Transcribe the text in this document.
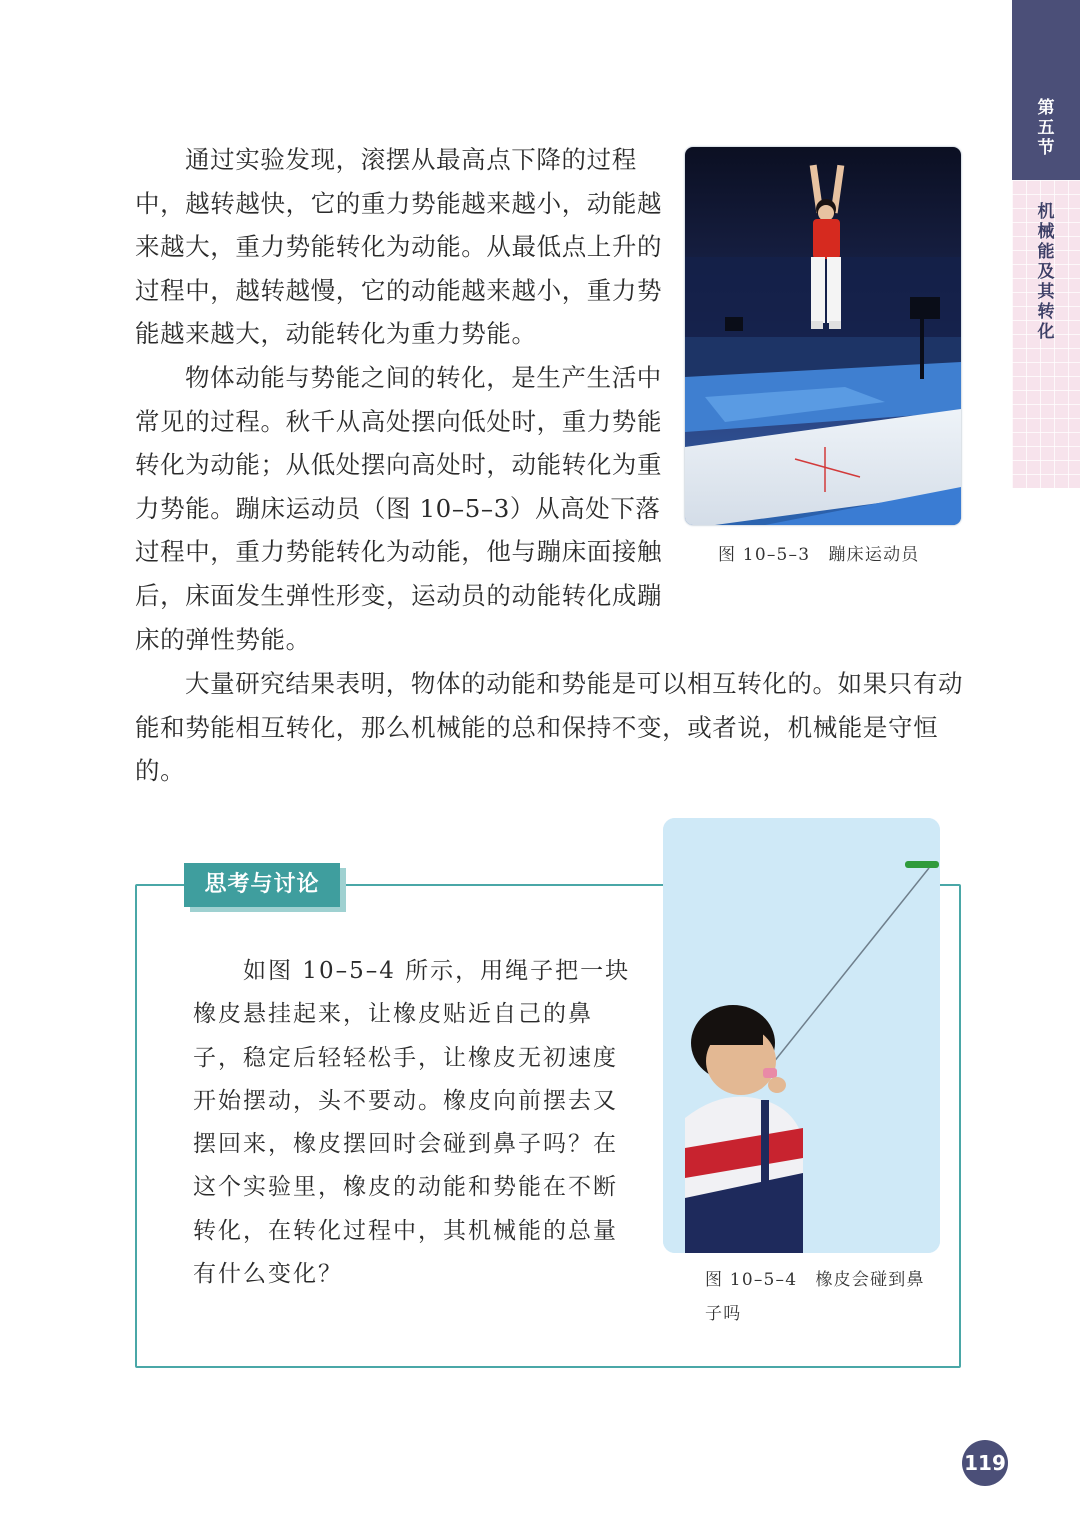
第五节
机械能及其转化

通过实验发现，滚摆从最高点下降的过程中，越转越快，它的重力势能越来越小，动能越来越大，重力势能转化为动能。从最低点上升的过程中，越转越慢，它的动能越来越小，重力势能越来越大，动能转化为重力势能。

物体动能与势能之间的转化，是生产生活中常见的过程。秋千从高处摆向低处时，重力势能转化为动能；从低处摆向高处时，动能转化为重力势能。蹦床运动员（图 10–5–3）从高处下落过程中，重力势能转化为动能，他与蹦床面接触后，床面发生弹性形变，运动员的动能转化成蹦床的弹性势能。

大量研究结果表明，物体的动能和势能是可以相互转化的。如果只有动能和势能相互转化，那么机械能的总和保持不变，或者说，机械能是守恒的。

图 10–5–3　蹦床运动员
思考与讨论

如图 10–5–4 所示，用绳子把一块橡皮悬挂起来，让橡皮贴近自己的鼻子，稳定后轻轻松手，让橡皮无初速度开始摆动，头不要动。橡皮向前摆去又摆回来，橡皮摆回时会碰到鼻子吗？在这个实验里，橡皮的动能和势能在不断转化，在转化过程中，其机械能的总量有什么变化？	图 10–5–4　橡皮会碰到鼻子吗
119
